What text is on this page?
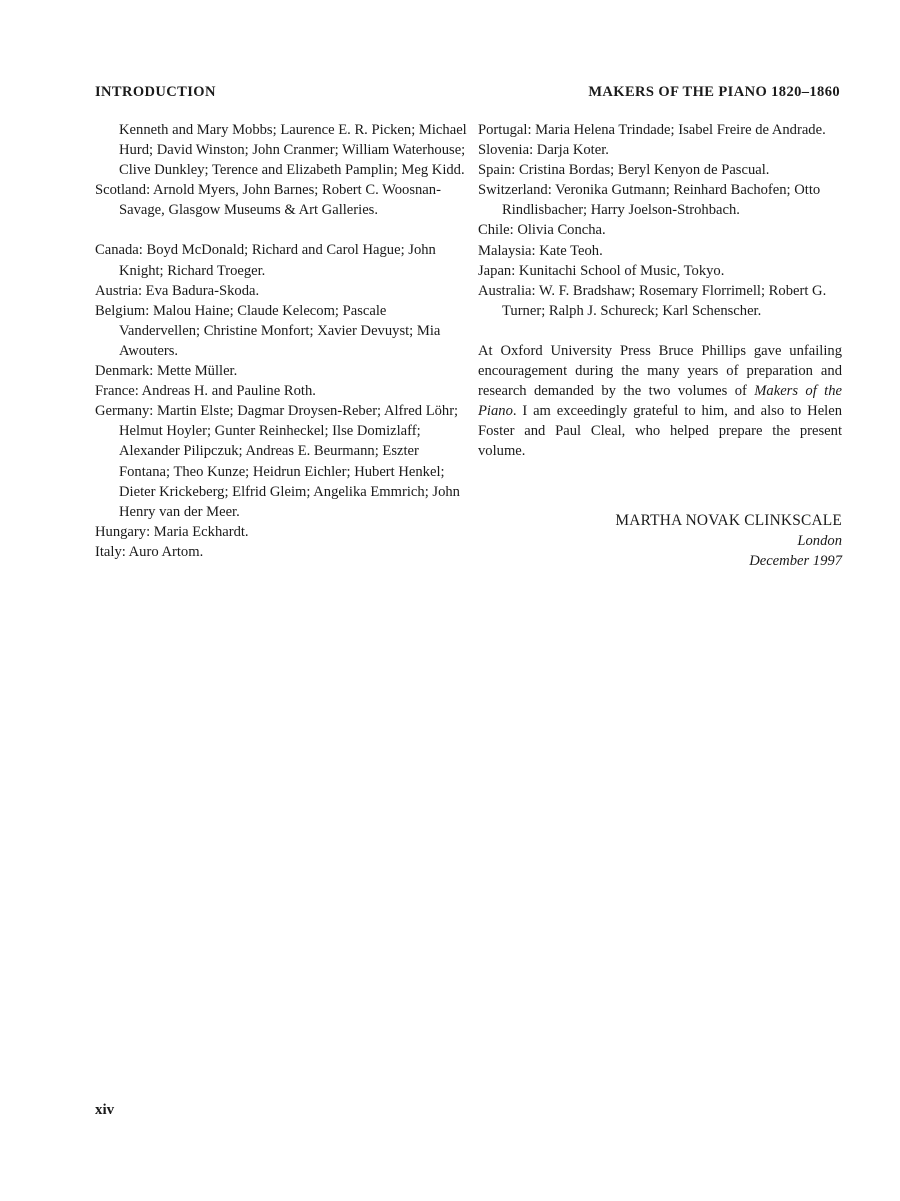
INTRODUCTION	MAKERS OF THE PIANO 1820–1860

Kenneth and Mary Mobbs; Laurence E. R. Picken; Michael Hurd; David Winston; John Cranmer; William Waterhouse; Clive Dunkley; Terence and Elizabeth Pamplin; Meg Kidd.

Scotland: Arnold Myers, John Barnes; Robert C. Woosnan-Savage, Glasgow Museums & Art Galleries.

Canada: Boyd McDonald; Richard and Carol Hague; John Knight; Richard Troeger.

Austria: Eva Badura-Skoda.

Belgium: Malou Haine; Claude Kelecom; Pascale Vandervellen; Christine Monfort; Xavier Devuyst; Mia Awouters.

Denmark: Mette Müller.

France: Andreas H. and Pauline Roth.

Germany: Martin Elste; Dagmar Droysen-Reber; Alfred Löhr; Helmut Hoyler; Gunter Reinheckel; Ilse Domizlaff; Alexander Pilipczuk; Andreas E. Beurmann; Eszter Fontana; Theo Kunze; Heidrun Eichler; Hubert Henkel; Dieter Krickeberg; Elfrid Gleim; Angelika Emmrich; John Henry van der Meer.

Hungary: Maria Eckhardt.

Italy: Auro Artom.

Portugal: Maria Helena Trindade; Isabel Freire de Andrade.

Slovenia: Darja Koter.

Spain: Cristina Bordas; Beryl Kenyon de Pascual.

Switzerland: Veronika Gutmann; Reinhard Bachofen; Otto Rindlisbacher; Harry Joelson-Strohbach.

Chile: Olivia Concha.

Malaysia: Kate Teoh.

Japan: Kunitachi School of Music, Tokyo.

Australia: W. F. Bradshaw; Rosemary Florrimell; Robert G. Turner; Ralph J. Schureck; Karl Schenscher.

At Oxford University Press Bruce Phillips gave unfailing encouragement during the many years of preparation and research demanded by the two volumes of Makers of the Piano. I am exceedingly grateful to him, and also to Helen Foster and Paul Cleal, who helped prepare the present volume.

MARTHA NOVAK CLINKSCALE
London
December 1997
xiv
